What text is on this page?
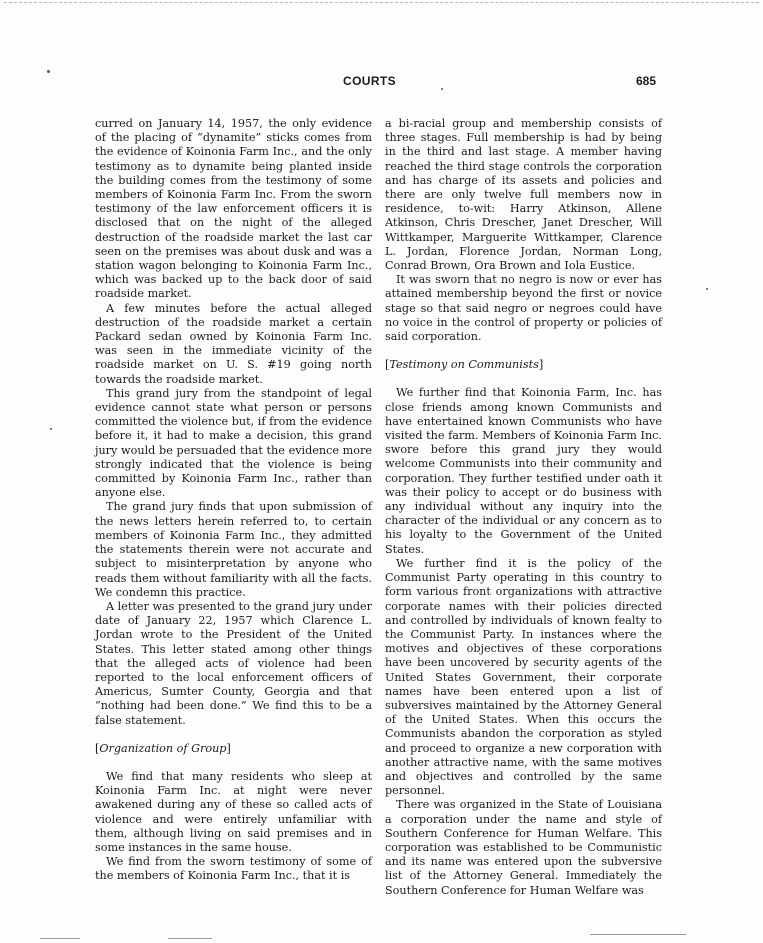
COURTS	685

curred on January 14, 1957, the only evidence of the placing of “dynamite” sticks comes from the evidence of Koinonia Farm Inc., and the only testimony as to dynamite being planted inside the building comes from the testimony of some members of Koinonia Farm Inc. From the sworn testimony of the law enforcement officers it is disclosed that on the night of the alleged destruction of the roadside market the last car seen on the premises was about dusk and was a station wagon belonging to Koinonia Farm Inc., which was backed up to the back door of said roadside market.

A few minutes before the actual alleged destruction of the roadside market a certain Packard sedan owned by Koinonia Farm Inc. was seen in the immediate vicinity of the roadside market on U. S. #19 going north towards the roadside market.

This grand jury from the standpoint of legal evidence cannot state what person or persons committed the violence but, if from the evidence before it, it had to make a decision, this grand jury would be persuaded that the evidence more strongly indicated that the violence is being committed by Koinonia Farm Inc., rather than anyone else.

The grand jury finds that upon submission of the news letters herein referred to, to certain members of Koinonia Farm Inc., they admitted the statements therein were not accurate and subject to misinterpretation by anyone who reads them without familiarity with all the facts. We condemn this practice.

A letter was presented to the grand jury under date of January 22, 1957 which Clarence L. Jordan wrote to the President of the United States. This letter stated among other things that the alleged acts of violence had been reported to the local enforcement officers of Americus, Sumter County, Georgia and that “nothing had been done.” We find this to be a false statement.

[Organization of Group]

We find that many residents who sleep at Koinonia Farm Inc. at night were never awakened during any of these so called acts of violence and were entirely unfamiliar with them, although living on said premises and in some instances in the same house.

We find from the sworn testimony of some of the members of Koinonia Farm Inc., that it is

a bi-racial group and membership consists of three stages. Full membership is had by being in the third and last stage. A member having reached the third stage controls the corporation and has charge of its assets and policies and there are only twelve full members now in residence, to-wit: Harry Atkinson, Allene Atkinson, Chris Drescher, Janet Drescher, Will Wittkamper, Marguerite Wittkamper, Clarence L. Jordan, Florence Jordan, Norman Long, Conrad Brown, Ora Brown and Iola Eustice.

It was sworn that no negro is now or ever has attained membership beyond the first or novice stage so that said negro or negroes could have no voice in the control of property or policies of said corporation.

[Testimony on Communists]

We further find that Koinonia Farm, Inc. has close friends among known Communists and have entertained known Communists who have visited the farm. Members of Koinonia Farm Inc. swore before this grand jury they would welcome Communists into their community and corporation. They further testified under oath it was their policy to accept or do business with any individual without any inquiry into the character of the individual or any concern as to his loyalty to the Government of the United States.

We further find it is the policy of the Communist Party operating in this country to form various front organizations with attractive corporate names with their policies directed and controlled by individuals of known fealty to the Communist Party. In instances where the motives and objectives of these corporations have been uncovered by security agents of the United States Government, their corporate names have been entered upon a list of subversives maintained by the Attorney General of the United States. When this occurs the Communists abandon the corporation as styled and proceed to organize a new corporation with another attractive name, with the same motives and objectives and controlled by the same personnel.

There was organized in the State of Louisiana a corporation under the name and style of Southern Conference for Human Welfare. This corporation was established to be Communistic and its name was entered upon the subversive list of the Attorney General. Immediately the Southern Conference for Human Welfare was
